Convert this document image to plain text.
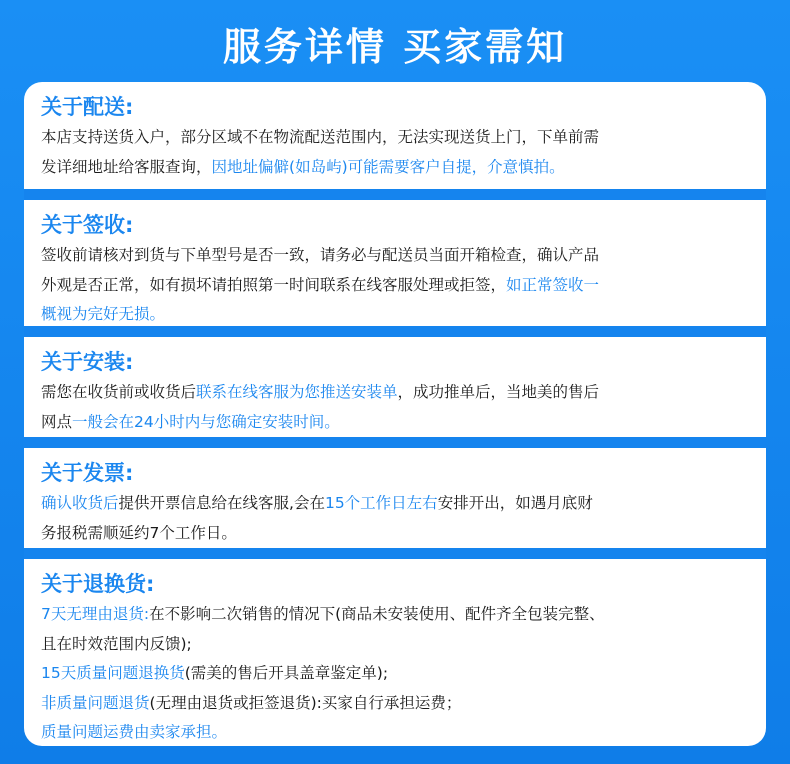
服务详情 买家需知
关于配送:
本店支持送货入户，部分区域不在物流配送范围内，无法实现送货上门，下单前需
发详细地址给客服查询，因地址偏僻(如岛屿)可能需要客户自提，介意慎拍。
关于签收:
签收前请核对到货与下单型号是否一致，请务必与配送员当面开箱检查，确认产品
外观是否正常，如有损坏请拍照第一时间联系在线客服处理或拒签，如正常签收一
概视为完好无损。
关于安装:
需您在收货前或收货后联系在线客服为您推送安装单，成功推单后，当地美的售后
网点一般会在24小时内与您确定安装时间。
关于发票:
确认收货后提供开票信息给在线客服,会在15个工作日左右安排开出，如遇月底财
务报税需顺延约7个工作日。
关于退换货:
7天无理由退货:在不影响二次销售的情况下(商品未安装使用、配件齐全包装完整、
且在时效范围内反馈);
15天质量问题退换货(需美的售后开具盖章鉴定单);
非质量问题退货(无理由退货或拒签退货):买家自行承担运费；
质量问题运费由卖家承担。
